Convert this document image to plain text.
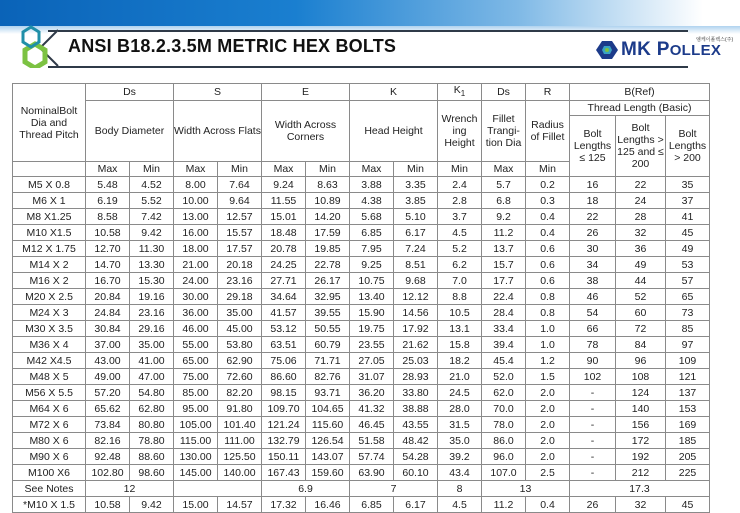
ANSI B18.2.3.5M METRIC HEX BOLTS	MK POLLEX
엠케이폴렉스(주)
NominalBolt Dia and Thread Pitch	Ds		S		E		K		$K_1$	Ds	R	B(Ref)		
	Body Diameter		Width Across Flats		Width Across Corners		Head Height		Wrench ing Height	Fillet Trangi- tion Dia	Radius of Fillet	Thread Length (Basic)		
												Bolt Lengths ≤ 125	Bolt Lengths > 125 and ≤ 200	Bolt Lengths > 200
	Max	Min	Max	Min	Max	Min	Max	Min	Min	Max	Min			
M5 X 0.8	5.48	4.52	8.00	7.64	9.24	8.63	3.88	3.35	2.4	5.7	0.2	16	22	35
M6 X 1	6.19	5.52	10.00	9.64	11.55	10.89	4.38	3.85	2.8	6.8	0.3	18	24	37
M8 X1.25	8.58	7.42	13.00	12.57	15.01	14.20	5.68	5.10	3.7	9.2	0.4	22	28	41
M10 X1.5	10.58	9.42	16.00	15.57	18.48	17.59	6.85	6.17	4.5	11.2	0.4	26	32	45
M12 X 1.75	12.70	11.30	18.00	17.57	20.78	19.85	7.95	7.24	5.2	13.7	0.6	30	36	49
M14 X 2	14.70	13.30	21.00	20.18	24.25	22.78	9.25	8.51	6.2	15.7	0.6	34	49	53
M16 X 2	16.70	15.30	24.00	23.16	27.71	26.17	10.75	9.68	7.0	17.7	0.6	38	44	57
M20 X 2.5	20.84	19.16	30.00	29.18	34.64	32.95	13.40	12.12	8.8	22.4	0.8	46	52	65
M24 X 3	24.84	23.16	36.00	35.00	41.57	39.55	15.90	14.56	10.5	28.4	0.8	54	60	73
M30 X 3.5	30.84	29.16	46.00	45.00	53.12	50.55	19.75	17.92	13.1	33.4	1.0	66	72	85
M36 X 4	37.00	35.00	55.00	53.80	63.51	60.79	23.55	21.62	15.8	39.4	1.0	78	84	97
M42 X4.5	43.00	41.00	65.00	62.90	75.06	71.71	27.05	25.03	18.2	45.4	1.2	90	96	109
M48 X 5	49.00	47.00	75.00	72.60	86.60	82.76	31.07	28.93	21.0	52.0	1.5	102	108	121
M56 X 5.5	57.20	54.80	85.00	82.20	98.15	93.71	36.20	33.80	24.5	62.0	2.0	-	124	137
M64 X 6	65.62	62.80	95.00	91.80	109.70	104.65	41.32	38.88	28.0	70.0	2.0	-	140	153
M72 X 6	73.84	80.80	105.00	101.40	121.24	115.60	46.45	43.55	31.5	78.0	2.0	-	156	169
M80 X 6	82.16	78.80	115.00	111.00	132.79	126.54	51.58	48.42	35.0	86.0	2.0	-	172	185
M90 X 6	92.48	88.60	130.00	125.50	150.11	143.07	57.74	54.28	39.2	96.0	2.0	-	192	205
M100 X6	102.80	98.60	145.00	140.00	167.43	159.60	63.90	60.10	43.4	107.0	2.5	-	212	225
See Notes	12				6.9		7		8	13		17.3		
*M10 X 1.5	10.58	9.42	15.00	14.57	17.32	16.46	6.85	6.17	4.5	11.2	0.4	26	32	45
